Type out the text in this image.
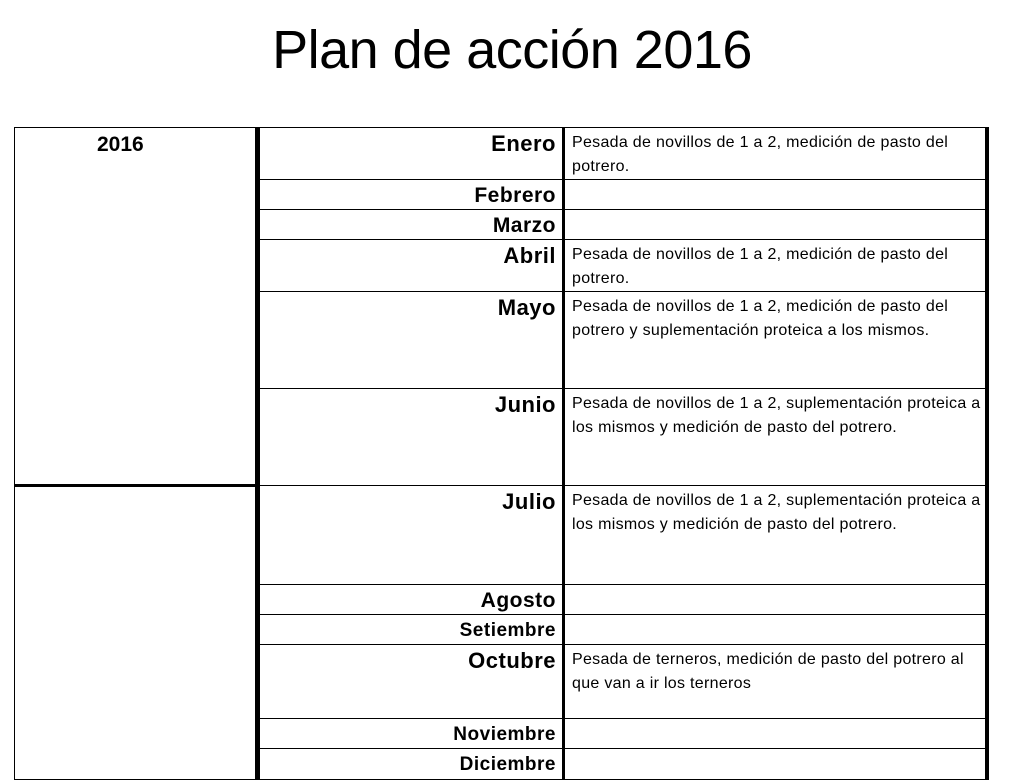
Plan de acción 2016
2016	Enero	Pesada de novillos de 1 a 2, medición de pasto del potrero.
	Febrero	
	Marzo	
	Abril	Pesada de novillos de 1 a 2, medición de pasto del potrero.
	Mayo	Pesada de novillos de 1 a 2, medición de pasto del potrero y suplementación proteica a los mismos.
	Junio	Pesada de novillos de 1 a 2, suplementación proteica a los mismos y medición de pasto del potrero.
	Julio	Pesada de novillos de 1 a 2, suplementación proteica a los mismos y medición de pasto del potrero.
	Agosto	
	Setiembre	
	Octubre	Pesada de terneros, medición de pasto del potrero al que van a ir los terneros
	Noviembre	
	Diciembre	
